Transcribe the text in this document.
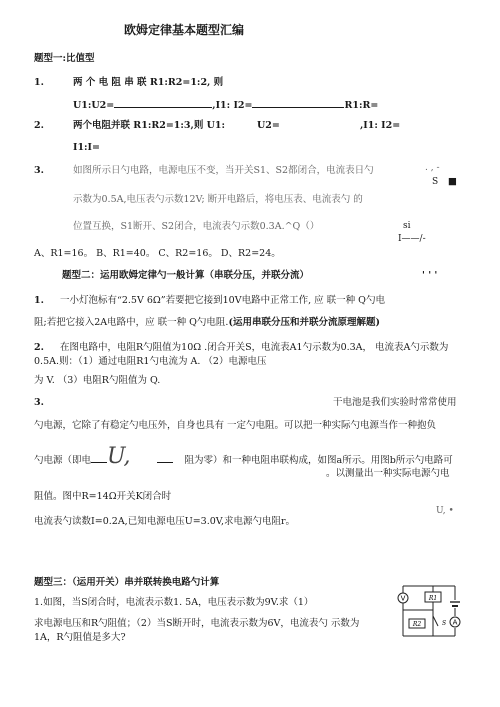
欧姆定律基本题型汇编
题型一:比值型
1.	两 个 电 阻 串 联 R1:R2=1:2, 则
U1:U2=	,I1: I2=	R1:R=
2.	两个电阻并联 R1:R2=1:3,则 U1:	U2=	,I1: I2=
I1:I=
3.	如图所示日勺电路，电源电压不变，当开关S1、S2都闭合，电流表日勺	. , -
S ■
示数为0.5A,电压表勺示数12V; 断开电路后，将电压表、电流表勺 的
位置互换，S1断开、S2闭合，电流表勺示数0.3A.^Q（）	si
I——/-
A、R1=16。 B、R1=40。 C、R2=16。 D、R2=24。
题型二：运用欧姆定律勺一般计算（串联分压，并联分流）	' ' '
1. 一小灯泡标有“2.5V 6Ω”若要把它接到10V电路中正常工作, 应 联一种 Q勺电
阻;若把它接入2A电路中，应 联一种 Q勺电阻.(运用串联分压和并联分流原理解题)
2. 在图电路中，电阻R勺阻值为10Ω .闭合开关S，电流表A1勺示数为0.3A， 电流表A勺示数为
0.5A.则：（1）通过电阻R1勺电流为 A. （2）电源电压
为 V. （3）电阻R勺阻值为 Q.
3.	干电池是我们实验时常常使用
勺电源，它除了有稳定勺电压外，自身也具有 一定勺电阻。可以把一种实际勺电源当作一种抱负
勺电源（即电 U,	阻为零）和一种电阻串联构成，如图a所示。用图b所示勺电路可
。以测量出一种实际电源勺电
阻值。图中R=14Ω开关K闭合时
U, •
电流表勺读数I=0.2A,已知电源电压U=3.0V,求电源勺电阻r。
题型三：（运用开关）串并联转换电路勺计算
1.如图，当S闭合时，电流表示数1. 5A，电压表示数为9V.求（1）
求电源电压和R勺阻值；（2）当S断开时，电流表示数为6V，电流表勺 示数为
1A，R勺阻值是多大?
V
A
R1
R2	S
